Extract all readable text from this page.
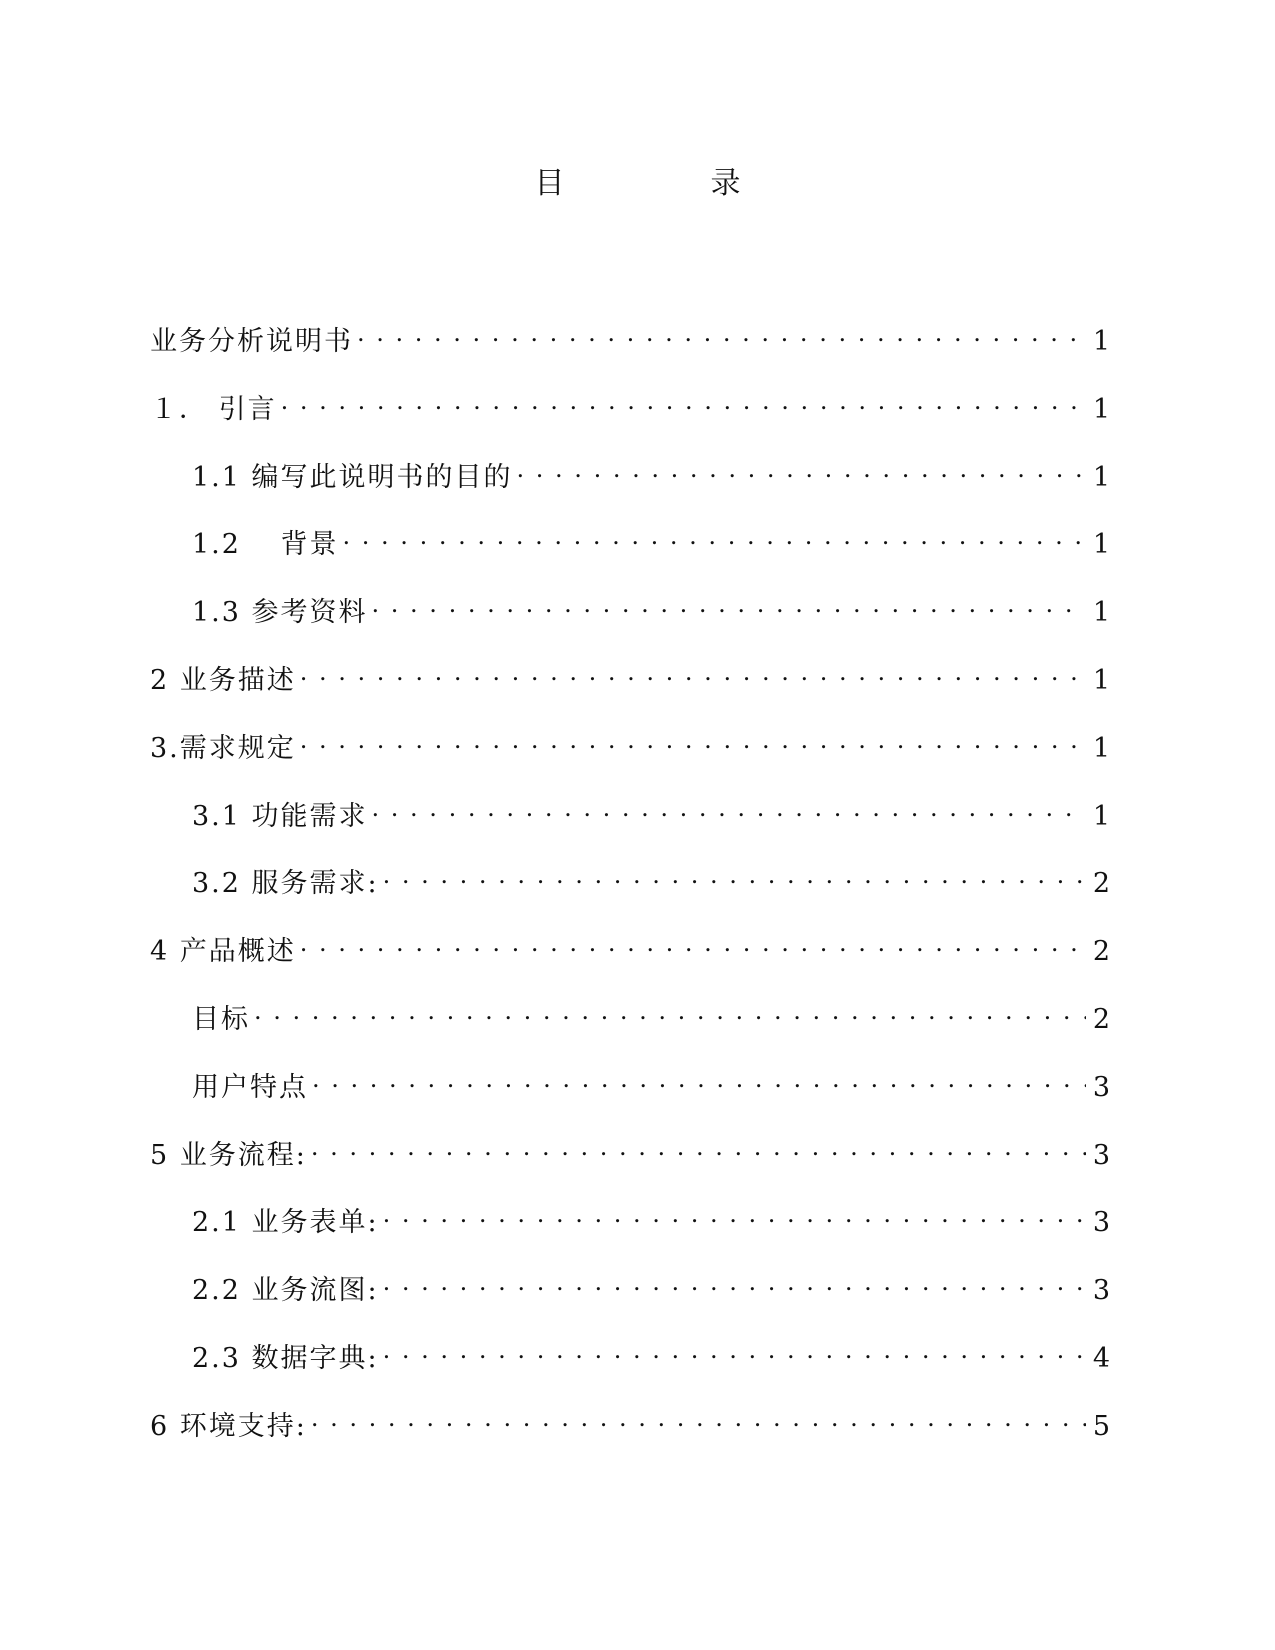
目　录
业务分析说明书 . . .	1
１． 引言 . . .	1
1.1 编写此说明书的目的 . . .	1
1.2　 背景 . . .	1
1.3 参考资料 . . .	1
2 业务描述 . . .	1
3.需求规定 . . .	1
3.1 功能需求 . . .	1
3.2 服务需求: . . .	2
4 产品概述 . . .	2
目标 . . .	2
用户特点 . . .	3
5 业务流程: . . .	3
2.1 业务表单: . . .	3
2.2 业务流图: . . .	3
2.3 数据字典: . . .	4
6 环境支持: . . .	5
